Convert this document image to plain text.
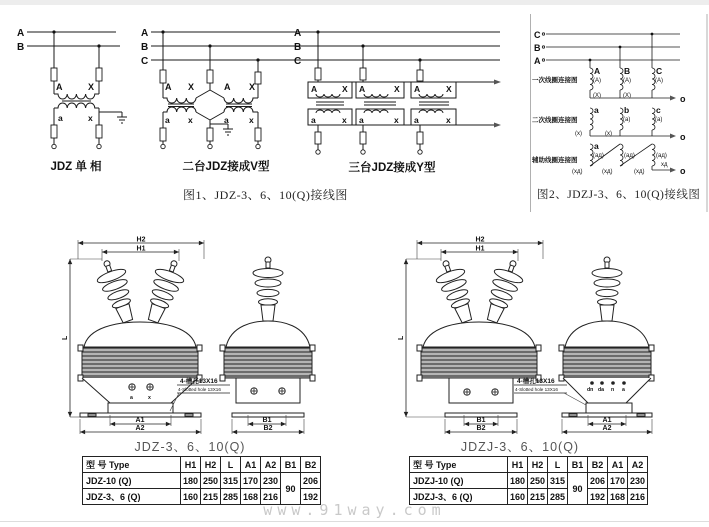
A
B
A	X
a	x
JDZ 单 相
A
B
C
A X	A X
a x	a x
二台JDZ接成V型
A
B
C
A	X A	X A	X
a	x a	x a	x
三台JDZ接成Y型
图1、JDZ-3、6、10(Q)接线图
C
B
A
一次线圈连接图
二次线圈连接图
辅助线圈连接图
A
(A)
(X)
B
(A)
(X)
C
(A)
o
a	b
(a)
c
(a)
(x)	(x)	o
a
(ад)	(ад)	(ад)
(хд)	(хд)	(хд)
хд
o
图2、JDZJ-3、6、10(Q)接线图
a	x
H2
H1
L
A1
A2
B1
B2
4-槽孔13X16
4-Slotted hole 13X16	dn da n a
H2
H1
L
B1
B2
A1
A2
4-槽孔13X16
4-Slotted hole 13X16
JDZ-3、6、10(Q)	JDZJ-3、6、10(Q)
型 号 Type	H1	H2	L	A1	A2	B1	B2
JDZ-10 (Q)	180	250	315	170	230	90	206
JDZ-3、6 (Q)	160	215	285	168	216		192
型 号 Type	H1	H2	L	B1	B2	A1	A2
JDZJ-10 (Q)	180	250	315	90	206	170	230
JDZJ-3、6 (Q)	160	215	285		192	168	216
www.91way.com
